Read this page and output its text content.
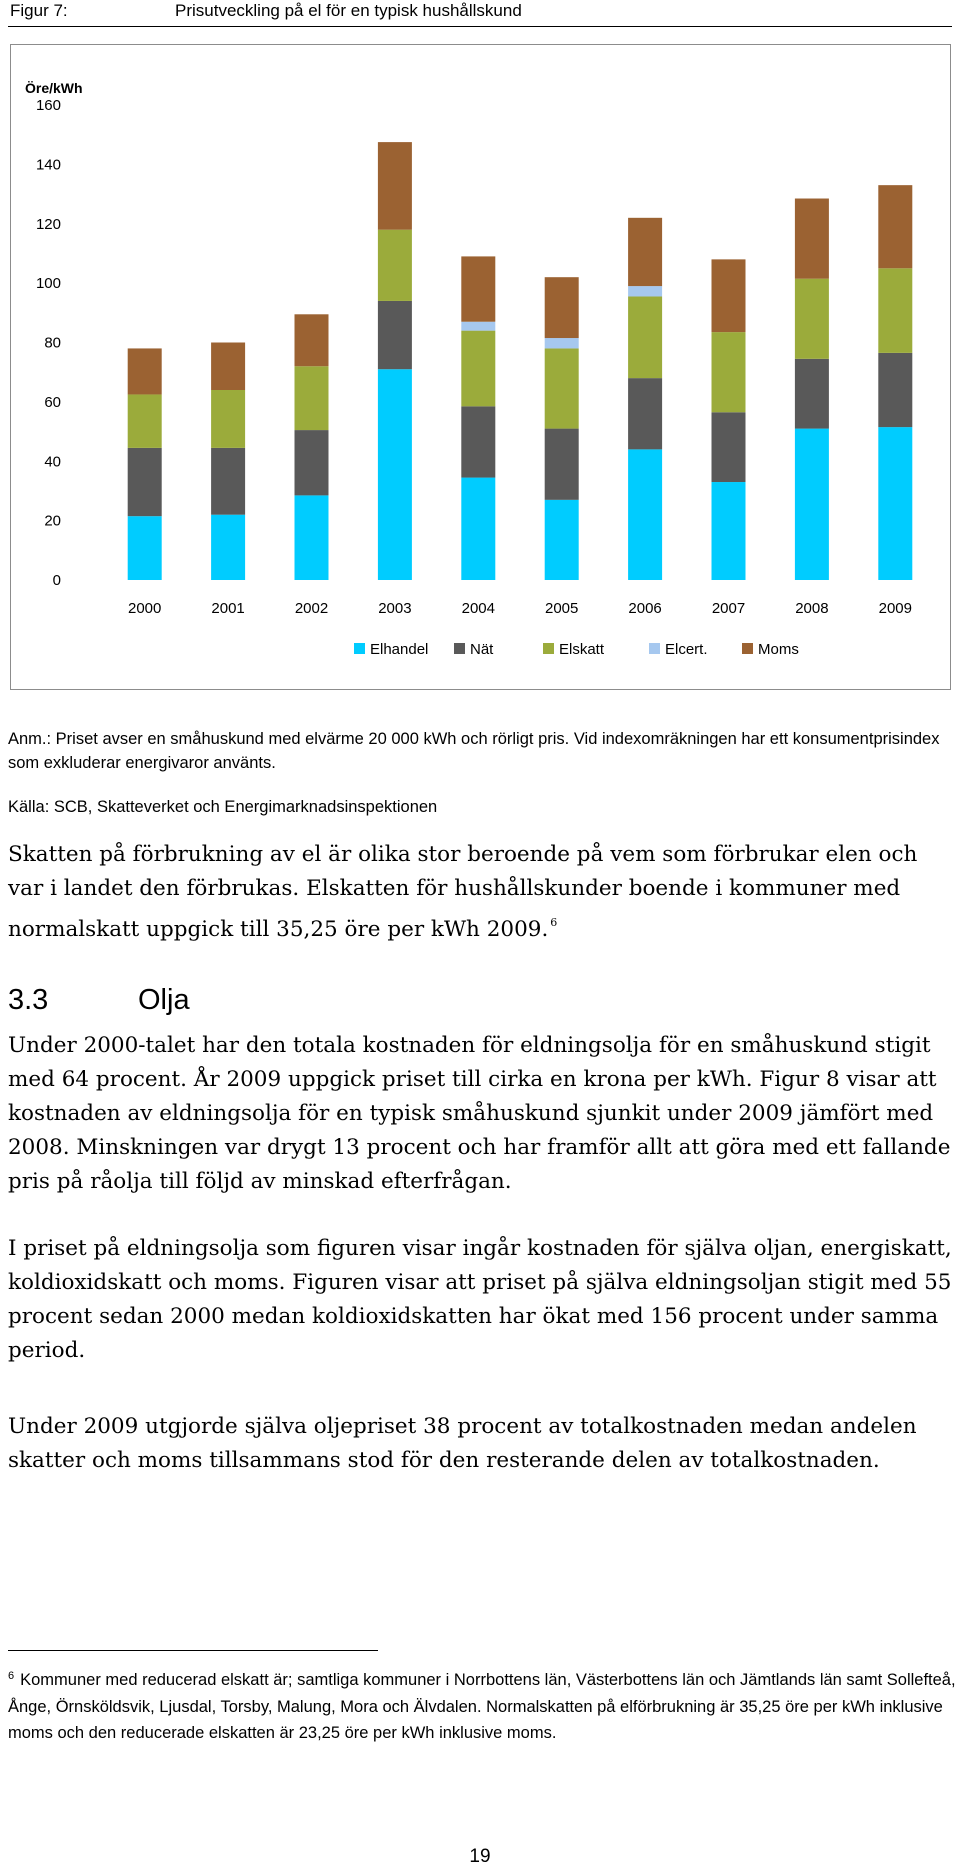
Figur 7:	Prisutveckling på el för en typisk hushållskund
Öre/kWh
0
20
40
60
80
100
120
140
160
2000	2001	2002	2003	2004	2005	2006	2007	2008	2009
Elhandel	Nät	Elskatt	Elcert.	Moms
Anm.: Priset avser en småhuskund med elvärme 20 000 kWh och rörligt pris. Vid indexomräkningen har ett konsumentprisindex som exkluderar energivaror använts.
Källa: SCB, Skatteverket och Energimarknadsinspektionen
Skatten på förbrukning av el är olika stor beroende på vem som förbrukar elen och var i landet den förbrukas. Elskatten för hushållskunder boende i kommuner med normalskatt uppgick till 35,25 öre per kWh 2009. $^6$
3.3	Olja
Under 2000-talet har den totala kostnaden för eldningsolja för en småhuskund stigit med 64 procent. År 2009 uppgick priset till cirka en krona per kWh. Figur 8 visar att kostnaden av eldningsolja för en typisk småhuskund sjunkit under 2009 jämfört med 2008. Minskningen var drygt 13 procent och har framför allt att göra med ett fallande pris på råolja till följd av minskad efterfrågan.
I priset på eldningsolja som figuren visar ingår kostnaden för själva oljan, energiskatt, koldioxidskatt och moms. Figuren visar att priset på själva eldningsoljan stigit med 55 procent sedan 2000 medan koldioxidskatten har ökat med 156 procent under samma period.
Under 2009 utgjorde själva oljepriset 38 procent av totalkostnaden medan andelen skatter och moms tillsammans stod för den resterande delen av totalkostnaden.
$^6$ Kommuner med reducerad elskatt är; samtliga kommuner i Norrbottens län, Västerbottens län och Jämtlands län samt Sollefteå, Ånge, Örnsköldsvik, Ljusdal, Torsby, Malung, Mora och Älvdalen. Normalskatten på elförbrukning är 35,25 öre per kWh inklusive moms och den reducerade elskatten är 23,25 öre per kWh inklusive moms.
19
